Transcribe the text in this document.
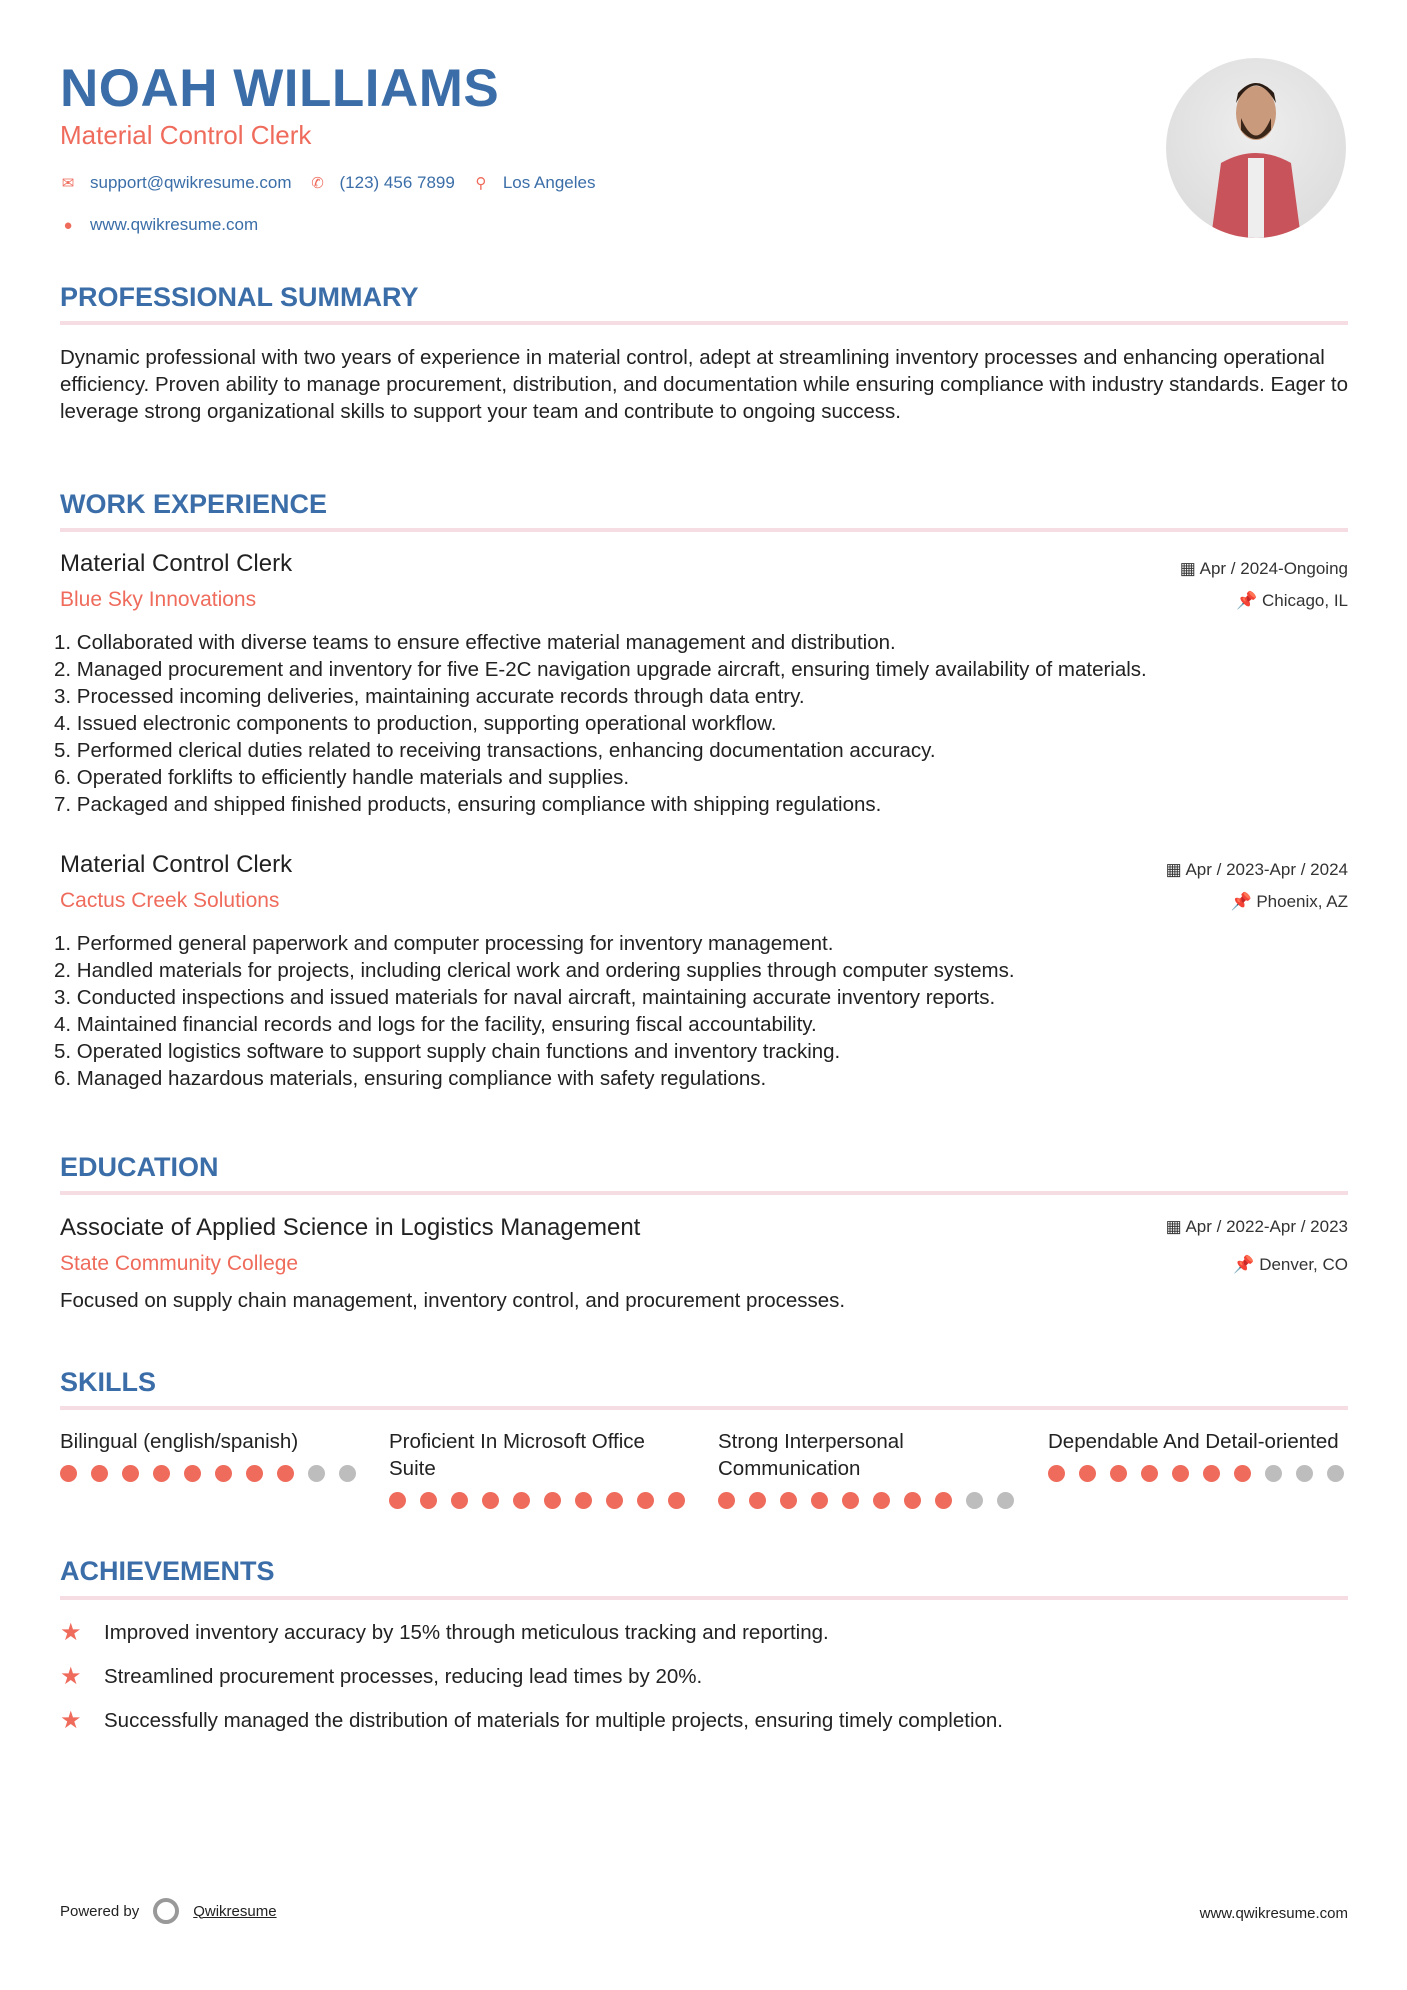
NOAH WILLIAMS
Material Control Clerk
✉ support@qwikresume.com ✆ (123) 456 7899 ⚲ Los Angeles
● www.qwikresume.com
PROFESSIONAL SUMMARY
Dynamic professional with two years of experience in material control, adept at streamlining inventory processes and enhancing operational efficiency. Proven ability to manage procurement, distribution, and documentation while ensuring compliance with industry standards. Eager to leverage strong organizational skills to support your team and contribute to ongoing success.
WORK EXPERIENCE
Material Control Clerk	▦ Apr / 2024-Ongoing
Blue Sky Innovations	📌 Chicago, IL
1. Collaborated with diverse teams to ensure effective material management and distribution.
2. Managed procurement and inventory for five E-2C navigation upgrade aircraft, ensuring timely availability of materials.
3. Processed incoming deliveries, maintaining accurate records through data entry.
4. Issued electronic components to production, supporting operational workflow.
5. Performed clerical duties related to receiving transactions, enhancing documentation accuracy.
6. Operated forklifts to efficiently handle materials and supplies.
7. Packaged and shipped finished products, ensuring compliance with shipping regulations.
Material Control Clerk	▦ Apr / 2023-Apr / 2024
Cactus Creek Solutions	📌 Phoenix, AZ
1. Performed general paperwork and computer processing for inventory management.
2. Handled materials for projects, including clerical work and ordering supplies through computer systems.
3. Conducted inspections and issued materials for naval aircraft, maintaining accurate inventory reports.
4. Maintained financial records and logs for the facility, ensuring fiscal accountability.
5. Operated logistics software to support supply chain functions and inventory tracking.
6. Managed hazardous materials, ensuring compliance with safety regulations.
EDUCATION
Associate of Applied Science in Logistics Management	▦ Apr / 2022-Apr / 2023
State Community College	📌 Denver, CO
Focused on supply chain management, inventory control, and procurement processes.
SKILLS
Bilingual (english/spanish)	Proficient In Microsoft Office Suite
Strong Interpersonal Communication
Dependable And Detail-oriented
ACHIEVEMENTS
★	Improved inventory accuracy by 15% through meticulous tracking and reporting.
★	Streamlined procurement processes, reducing lead times by 20%.
★	Successfully managed the distribution of materials for multiple projects, ensuring timely completion.
Powered by	Qwikresume	www.qwikresume.com
